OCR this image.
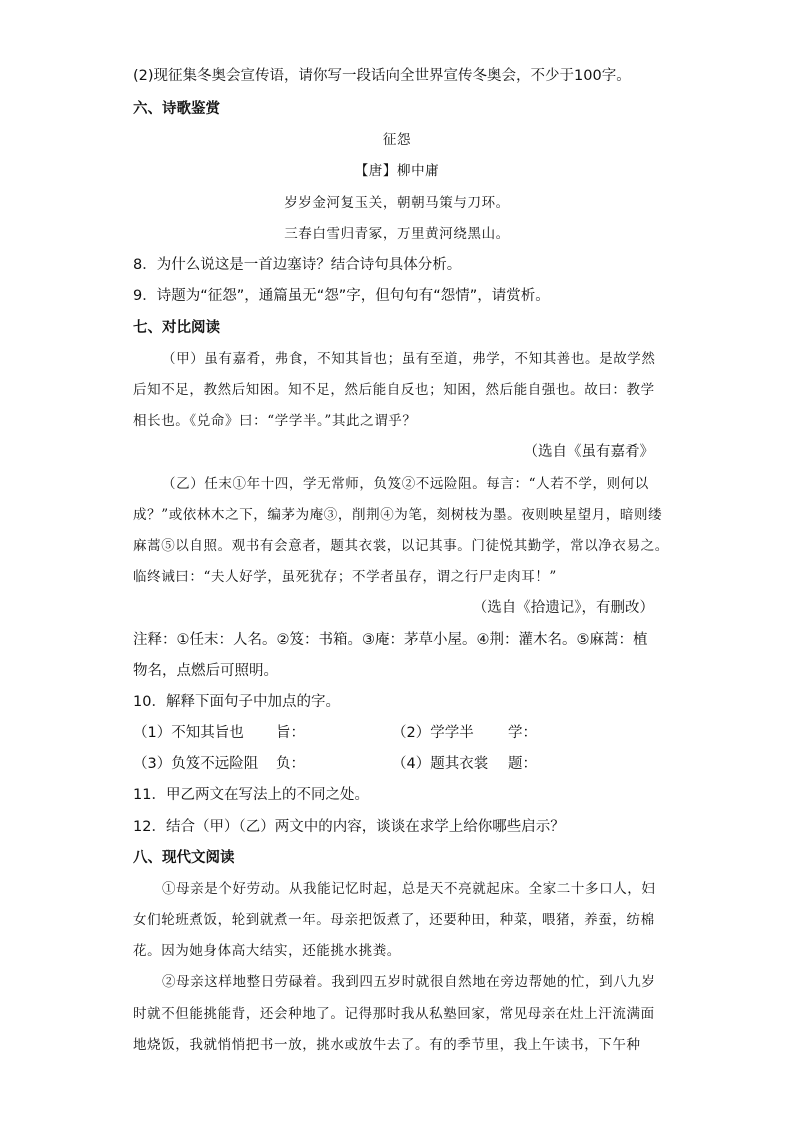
(2)现征集冬奥会宣传语，请你写一段话向全世界宣传冬奥会，不少于100字。
六、诗歌鉴赏
征怨
【唐】柳中庸
岁岁金河复玉关，朝朝马策与刀环。
三春白雪归青冢，万里黄河绕黑山。
8．为什么说这是一首边塞诗？结合诗句具体分析。
9．诗题为“征怨”，通篇虽无“怨”字，但句句有“怨情”，请赏析。
七、对比阅读
（甲）虽有嘉肴，弗食，不知其旨也；虽有至道，弗学，不知其善也。是故学然
后知不足，教然后知困。知不足，然后能自反也；知困，然后能自强也。故曰：教学
相长也。《兑命》曰：“学学半。”其此之谓乎？
（选自《虽有嘉肴》
（乙）任末①年十四，学无常师，负笈②不远险阻。每言：“人若不学，则何以
成？”或依林木之下，编茅为庵③，削荆④为笔，刻树枝为墨。夜则映星望月，暗则缕
麻蒿⑤以自照。观书有会意者，题其衣裳，以记其事。门徒悦其勤学，常以净衣易之。
临终诫曰：“夫人好学，虽死犹存；不学者虽存，谓之行尸走肉耳！”
（选自《拾遗记》，有删改）
注释：①任末：人名。②笈：书箱。③庵：茅草小屋。④荆：灌木名。⑤麻蒿：植
物名，点燃后可照明。
10．解释下面句子中加点的字。
（1）不知其旨也 旨：	（2）学学半 学：
（3）负笈不远险阻 负：	（4）题其衣裳 题：
11．甲乙两文在写法上的不同之处。
12．结合（甲）（乙）两文中的内容，谈谈在求学上给你哪些启示？
八、现代文阅读
①母亲是个好劳动。从我能记忆时起，总是天不亮就起床。全家二十多口人，妇
女们轮班煮饭，轮到就煮一年。母亲把饭煮了，还要种田，种菜，喂猪，养蚕，纺棉
花。因为她身体高大结实，还能挑水挑粪。
②母亲这样地整日劳碌着。我到四五岁时就很自然地在旁边帮她的忙，到八九岁
时就不但能挑能背，还会种地了。记得那时我从私塾回家，常见母亲在灶上汗流满面
地烧饭，我就悄悄把书一放，挑水或放牛去了。有的季节里，我上午读书，下午种
